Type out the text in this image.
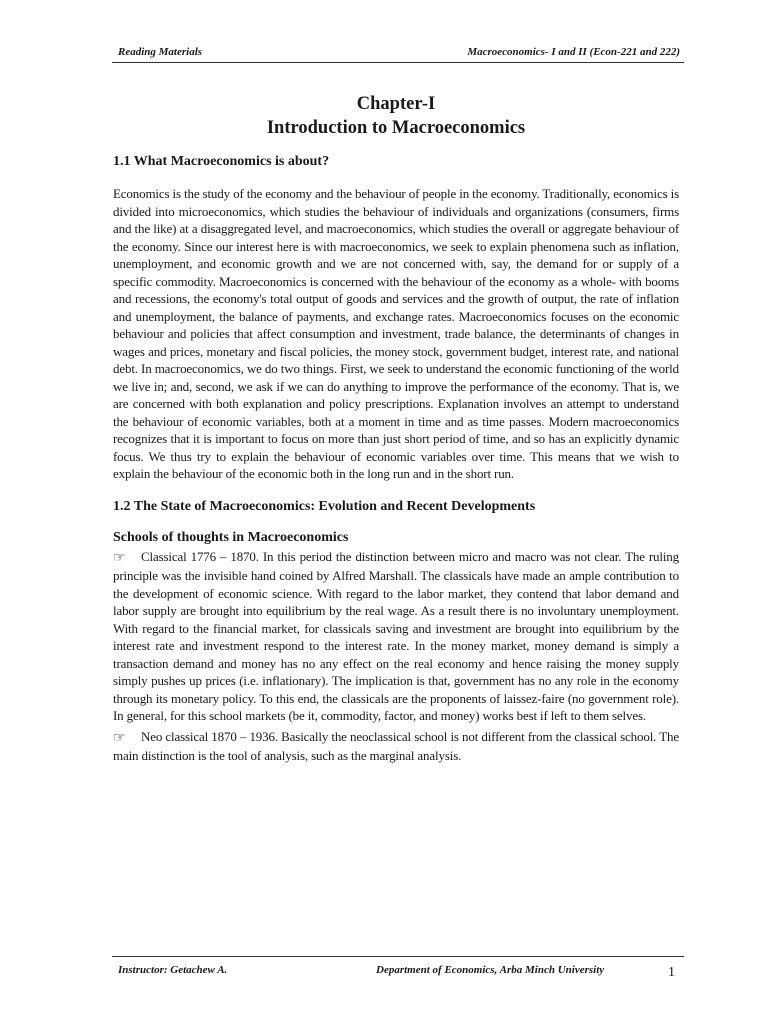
Reading Materials	Macroeconomics- I and II (Econ-221 and 222)
Chapter-I
Introduction to Macroeconomics
1.1 What Macroeconomics is about?

Economics is the study of the economy and the behaviour of people in the economy. Traditionally, economics is divided into microeconomics, which studies the behaviour of individuals and organizations (consumers, firms and the like) at a disaggregated level, and macroeconomics, which studies the overall or aggregate behaviour of the economy. Since our interest here is with macroeconomics, we seek to explain phenomena such as inflation, unemployment, and economic growth and we are not concerned with, say, the demand for or supply of a specific commodity. Macroeconomics is concerned with the behaviour of the economy as a whole- with booms and recessions, the economy's total output of goods and services and the growth of output, the rate of inflation and unemployment, the balance of payments, and exchange rates. Macroeconomics focuses on the economic behaviour and policies that affect consumption and investment, trade balance, the determinants of changes in wages and prices, monetary and fiscal policies, the money stock, government budget, interest rate, and national debt. In macroeconomics, we do two things. First, we seek to understand the economic functioning of the world we live in; and, second, we ask if we can do anything to improve the performance of the economy. That is, we are concerned with both explanation and policy prescriptions. Explanation involves an attempt to understand the behaviour of economic variables, both at a moment in time and as time passes. Modern macroeconomics recognizes that it is important to focus on more than just short period of time, and so has an explicitly dynamic focus. We thus try to explain the behaviour of economic variables over time. This means that we wish to explain the behaviour of the economic both in the long run and in the short run.

1.2 The State of Macroeconomics: Evolution and Recent Developments
Schools of thoughts in Macroeconomics

☞ Classical 1776 – 1870. In this period the distinction between micro and macro was not clear. The ruling principle was the invisible hand coined by Alfred Marshall. The classicals have made an ample contribution to the development of economic science. With regard to the labor market, they contend that labor demand and labor supply are brought into equilibrium by the real wage. As a result there is no involuntary unemployment. With regard to the financial market, for classicals saving and investment are brought into equilibrium by the interest rate and investment respond to the interest rate. In the money market, money demand is simply a transaction demand and money has no any effect on the real economy and hence raising the money supply simply pushes up prices (i.e. inflationary). The implication is that, government has no any role in the economy through its monetary policy. To this end, the classicals are the proponents of laissez-faire (no government role). In general, for this school markets (be it, commodity, factor, and money) works best if left to them selves.

☞ Neo classical 1870 – 1936. Basically the neoclassical school is not different from the classical school. The main distinction is the tool of analysis, such as the marginal analysis.

Instructor: Getachew A.	Department of Economics, Arba Minch University	1
